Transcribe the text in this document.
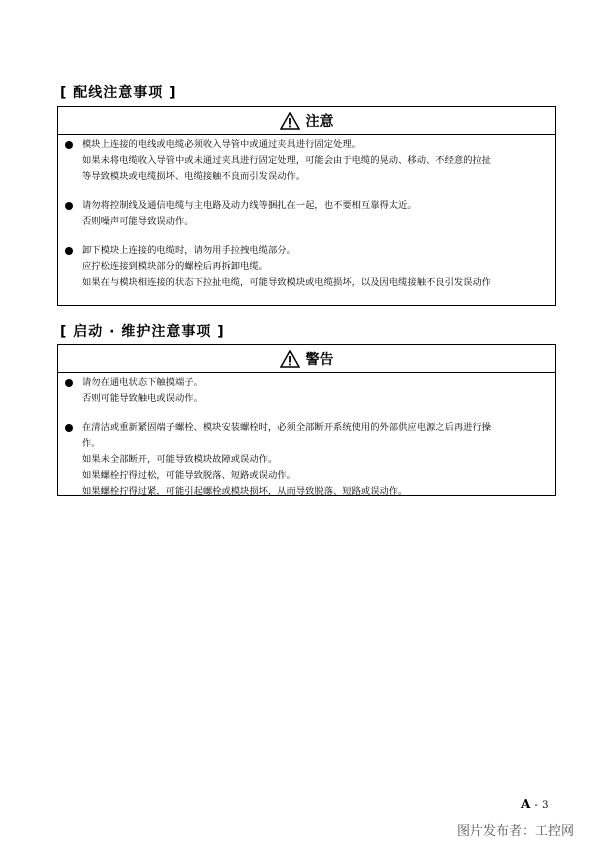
[ 配线注意事项 ]
注意
模块上连接的电线或电缆必须收入导管中或通过夹具进行固定处理。
如果未将电缆收入导管中或未通过夹具进行固定处理，可能会由于电缆的晃动、移动、不经意的拉扯
等导致模块或电缆损坏、电缆接触不良而引发误动作。
请勿将控制线及通信电缆与主电路及动力线等捆扎在一起，也不要相互靠得太近。
否则噪声可能导致误动作。
卸下模块上连接的电缆时，请勿用手拉拽电缆部分。
应拧松连接到模块部分的螺栓后再拆卸电缆。
如果在与模块相连接的状态下拉扯电缆，可能导致模块或电缆损坏，以及因电缆接触不良引发误动作
[ 启动 · 维护注意事项 ]
警告
请勿在通电状态下触摸端子。
否则可能导致触电或误动作。
在清洁或重新紧固端子螺栓、模块安装螺栓时，必须全部断开系统使用的外部供应电源之后再进行操
作。
如果未全部断开，可能导致模块故障或误动作。
如果螺栓拧得过松，可能导致脱落、短路或误动作。
如果螺栓拧得过紧，可能引起螺栓或模块损坏，从而导致脱落、短路或误动作。
A - 3
图片发布者：工控网
